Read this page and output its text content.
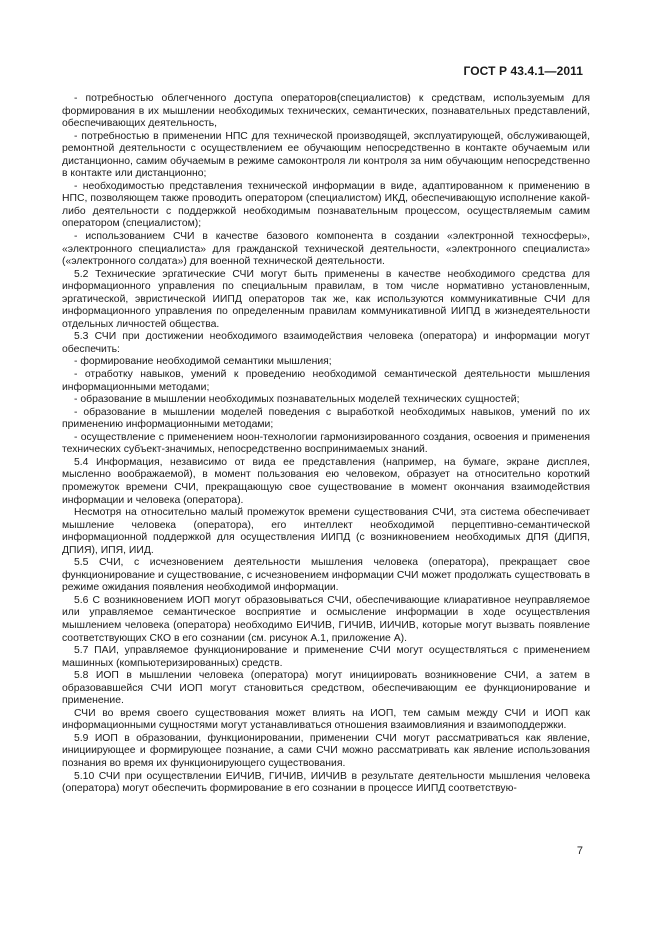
ГОСТ Р 43.4.1—2011

- потребностью облегченного доступа операторов(специалистов) к средствам, используемым для формирования в их мышлении необходимых технических, семантических, познавательных представлений, обеспечивающих деятельность,

- потребностью в применении НПС для технической производящей, эксплуатирующей, обслуживающей, ремонтной деятельности с осуществлением ее обучающим непосредственно в контакте обучаемым или дистанционно, самим обучаемым в режиме самоконтроля ли контроля за ним обучающим непосредственно в контакте или дистанционно;

- необходимостью представления технической информации в виде, адаптированном к применению в НПС, позволяющем также проводить оператором (специалистом) ИКД, обеспечивающую исполнение какой-либо деятельности с поддержкой необходимым познавательным процессом, осуществляемым самим оператором (специалистом);

- использованием СЧИ в качестве базового компонента в создании «электронной техносферы», «электронного специалиста» для гражданской технической деятельности, «электронного специалиста» («электронного солдата») для военной технической деятельности.

5.2 Технические эргатические СЧИ могут быть применены в качестве необходимого средства для информационного управления по специальным правилам, в том числе нормативно установленным, эргатической, эвристической ИИПД операторов так же, как используются коммуникативные СЧИ для информационного управления по определенным правилам коммуникативной ИИПД в жизнедеятельности отдельных личностей общества.

5.3 СЧИ при достижении необходимого взаимодействия человека (оператора) и информации могут обеспечить:

- формирование необходимой семантики мышления;

- отработку навыков, умений к проведению необходимой семантической деятельности мышления информационными методами;

- образование в мышлении необходимых познавательных моделей технических сущностей;

- образование в мышлении моделей поведения с выработкой необходимых навыков, умений по их применению информационными методами;

- осуществление с применением ноон-технологии гармонизированного создания, освоения и применения технических субъект-значимых, непосредственно воспринимаемых знаний.

5.4 Информация, независимо от вида ее представления (например, на бумаге, экране дисплея, мысленно воображаемой), в момент пользования ею человеком, образует на относительно короткий промежуток времени СЧИ, прекращающую свое существование в момент окончания взаимодействия информации и человека (оператора).

Несмотря на относительно малый промежуток времени существования СЧИ, эта система обеспечивает мышление человека (оператора), его интеллект необходимой перцептивно-семантической информационной поддержкой для осуществления ИИПД (с возникновением необходимых ДПЯ (ДИПЯ, ДПИЯ), ИПЯ, ИИД.

5.5 СЧИ, с исчезновением деятельности мышления человека (оператора), прекращает свое функционирование и существование, с исчезновением информации СЧИ может продолжать существовать в режиме ожидания появления необходимой информации.

5.6 С возникновением ИОП могут образовываться СЧИ, обеспечивающие клиаративное неуправляемое или управляемое семантическое восприятие и осмысление информации в ходе осуществления мышлением человека (оператора) необходимо ЕИЧИВ, ГИЧИВ, ИИЧИВ, которые могут вызвать появление соответствующих СКО в его сознании (см. рисунок А.1, приложение А).

5.7 ПАИ, управляемое функционирование и применение СЧИ могут осуществляться с применением машинных (компьютеризированных) средств.

5.8 ИОП в мышлении человека (оператора) могут инициировать возникновение СЧИ, а затем в образовавшейся СЧИ ИОП могут становиться средством, обеспечивающим ее функционирование и применение.

СЧИ во время своего существования может влиять на ИОП, тем самым между СЧИ и ИОП как информационными сущностями могут устанавливаться отношения взаимовлияния и взаимоподдержки.

5.9 ИОП в образовании, функционировании, применении СЧИ могут рассматриваться как явление, инициирующее и формирующее познание, а сами СЧИ можно рассматривать как явление использования познания во время их функционирующего существования.

5.10 СЧИ при осуществлении ЕИЧИВ, ГИЧИВ, ИИЧИВ в результате деятельности мышления человека (оператора) могут обеспечить формирование в его сознании в процессе ИИПД соответствую-

7
